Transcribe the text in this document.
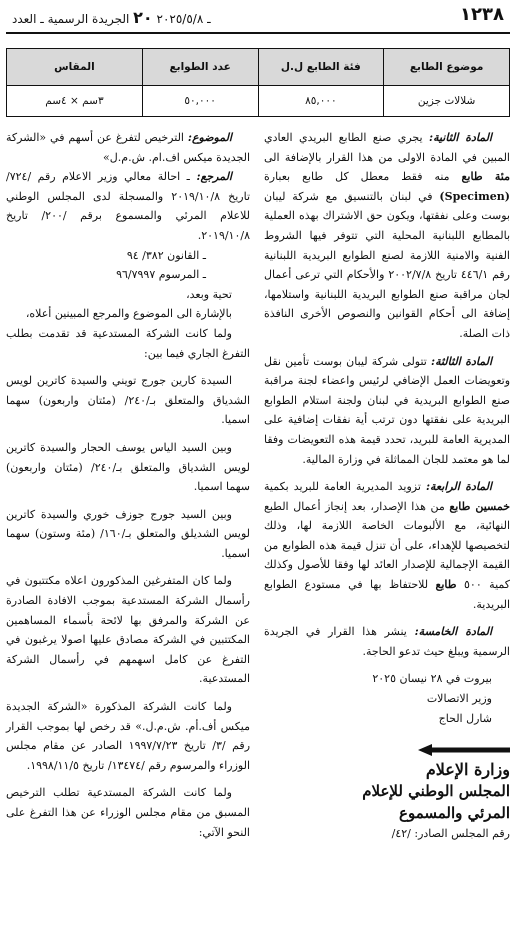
١٢٣٨
ـ ٢٠٢٥/٥/٨ ٢٠ الجريدة الرسمية ـ العدد
موضوع الطابع	فئة الطابع ل.ل	عدد الطوابع	المقاس
شلالات جزين	٨٥,٠٠٠	٥٠,٠٠٠	٣سم × ٤سم

المادة الثانية: يجري صنع الطابع البريدي العادي المبين في المادة الاولى من هذا القرار بالإضافة الى مئة طابع منه فقط معطل كل طابع بعبارة (Specimen) في لبنان بالتنسيق مع شركة ليبان بوست وعلى نفقتها، ويكون حق الاشتراك بهذه العملية بالمطابع اللبنانية المحلية التي تتوفر فيها الشروط الفنية والامنية اللازمة لصنع الطوابع البريدية اللبنانية رقم ٤٤٦/١ تاريخ ٢٠٠٢/٧/٨ والأحكام التي ترعى أعمال لجان مراقبة صنع الطوابع البريدية اللبنانية واستلامها، إضافة الى أحكام القوانين والنصوص الأخرى النافذة ذات الصلة.

المادة الثالثة: تتولى شركة ليبان بوست تأمين نقل وتعويضات العمل الإضافي لرئيس واعضاء لجنة مراقبة صنع الطوابع البريدية في لبنان ولجنة استلام الطوابع البريدية على نفقتها دون ترتب أية نفقات إضافية على المديرية العامة للبريد، تحدد قيمة هذه التعويضات وفقا لما هو معتمد للجان المماثلة في وزارة المالية.

المادة الرابعة: تزويد المديرية العامة للبريد بكمية خمسين طابع من هذا الإصدار، بعد إنجاز أعمال الطبع النهائية، مع الألبومات الخاصة اللازمة لها، وذلك لتخصيصها للإهداء، على أن تنزل قيمة هذه الطوابع من القيمة الإجمالية للإصدار العائد لها وفقا للأصول وكذلك كمية ٥٠٠ طابع للاحتفاظ بها في مستودع الطوابع البريدية.

المادة الخامسة: ينشر هذا القرار في الجريدة الرسمية ويبلغ حيث تدعو الحاجة.

بيروت في ٢٨ نيسان ٢٠٢٥

وزير الاتصالات

شارل الحاج

وزارة الإعلام

المجلس الوطني للإعلام

المرئي والمسموع

رقم المجلس الصادر: /٤٢/

الموضوع: الترخيص لتفرغ عن أسهم في «الشركة الجديدة ميكس اف.ام. ش.م.ل»

المرجع: ـ احالة معالي وزير الاعلام رقم /٧٢٤/ تاريخ ٢٠١٩/١٠/٨ والمسجلة لدى المجلس الوطني للاعلام المرئي والمسموع برقم /٢٠٠/ تاريخ ٢٠١٩/١٠/٨.

ـ القانون ٣٨٢/ ٩٤

ـ المرسوم ٩٦/٧٩٩٧

تحية وبعد،

بالإشارة الى الموضوع والمرجع المبينين أعلاه،

ولما كانت الشركة المستدعية قد تقدمت بطلب التفرغ الجاري فيما بين:

السيدة كارين جورج تويني والسيدة كاترين لويس الشدياق والمتعلق بـ/٢٤٠/ (مئتان واربعون) سهما اسميا.

وبين السيد الياس يوسف الحجار والسيدة كاترين لويس الشدياق والمتعلق بـ/٢٤٠/ (مئتان واربعون) سهما اسميا.

وبين السيد جورج جوزف خوري والسيدة كاترين لويس الشديلق والمتعلق بـ/١٦٠/ (مئة وستون) سهما اسميا.

ولما كان المتفرغين المذكورون اعلاه مكتتبون في رأسمال الشركة المستدعية بموجب الافادة الصادرة عن الشركة والمرفق بها لائحة بأسماء المساهمين المكتتبين في الشركة مصادق عليها اصولا يرغبون في التفرغ عن كامل اسهمهم في رأسمال الشركة المستدعية.

ولما كانت الشركة المذكورة «الشركة الجديدة ميكس أف.أم. ش.م.ل.» قد رخص لها بموجب القرار رقم /٣/ تاريخ ١٩٩٧/٧/٢٣ الصادر عن مقام مجلس الوزراء والمرسوم رقم /١٣٤٧٤/ تاريخ ١٩٩٨/١١/٥.

ولما كانت الشركة المستدعية تطلب الترخيص المسبق من مقام مجلس الوزراء عن هذا التفرغ على النحو الآتي:
